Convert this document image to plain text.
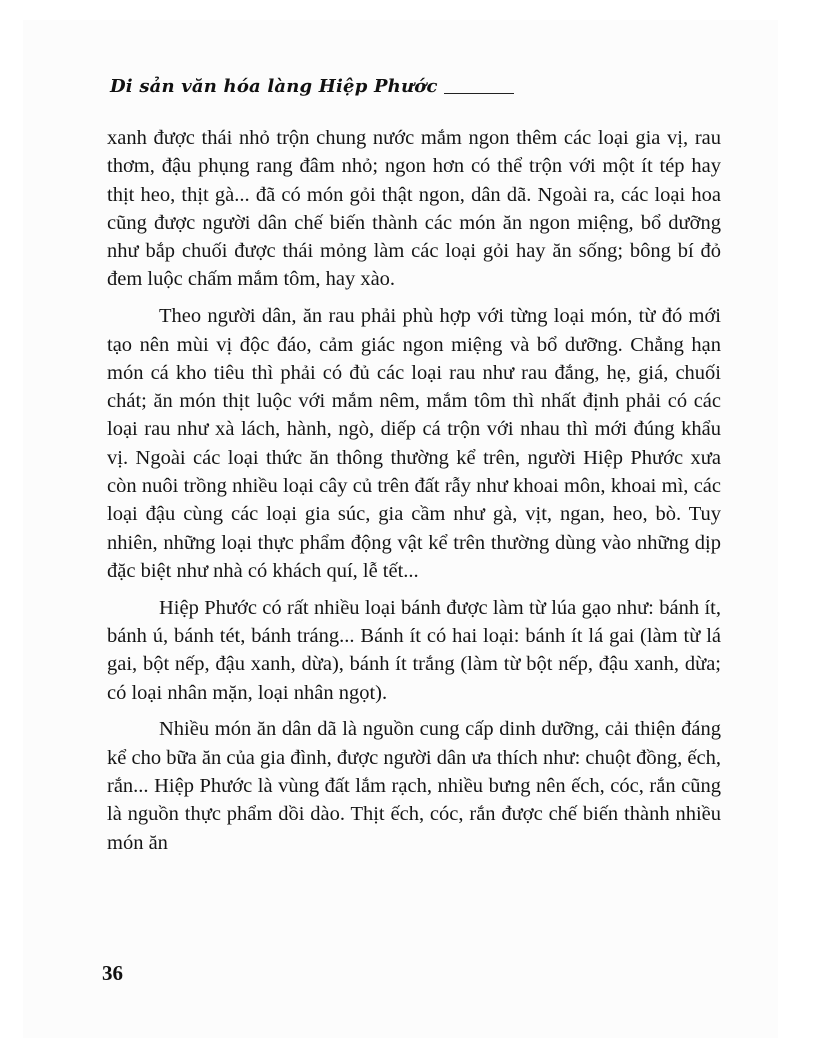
Di sản văn hóa làng Hiệp Phước

xanh được thái nhỏ trộn chung nước mắm ngon thêm các loại gia vị, rau thơm, đậu phụng rang đâm nhỏ; ngon hơn có thể trộn với một ít tép hay thịt heo, thịt gà... đã có món gỏi thật ngon, dân dã. Ngoài ra, các loại hoa cũng được người dân chế biến thành các món ăn ngon miệng, bổ dưỡng như bắp chuối được thái mỏng làm các loại gỏi hay ăn sống; bông bí đỏ đem luộc chấm mắm tôm, hay xào.

Theo người dân, ăn rau phải phù hợp với từng loại món, từ đó mới tạo nên mùi vị độc đáo, cảm giác ngon miệng và bổ dưỡng. Chẳng hạn món cá kho tiêu thì phải có đủ các loại rau như rau đắng, hẹ, giá, chuối chát; ăn món thịt luộc với mắm nêm, mắm tôm thì nhất định phải có các loại rau như xà lách, hành, ngò, diếp cá trộn với nhau thì mới đúng khẩu vị. Ngoài các loại thức ăn thông thường kể trên, người Hiệp Phước xưa còn nuôi trồng nhiều loại cây củ trên đất rẫy như khoai môn, khoai mì, các loại đậu cùng các loại gia súc, gia cầm như gà, vịt, ngan, heo, bò. Tuy nhiên, những loại thực phẩm động vật kể trên thường dùng vào những dịp đặc biệt như nhà có khách quí, lễ tết...

Hiệp Phước có rất nhiều loại bánh được làm từ lúa gạo như: bánh ít, bánh ú, bánh tét, bánh tráng... Bánh ít có hai loại: bánh ít lá gai (làm từ lá gai, bột nếp, đậu xanh, dừa), bánh ít trắng (làm từ bột nếp, đậu xanh, dừa; có loại nhân mặn, loại nhân ngọt).

Nhiều món ăn dân dã là nguồn cung cấp dinh dưỡng, cải thiện đáng kể cho bữa ăn của gia đình, được người dân ưa thích như: chuột đồng, ếch, rắn... Hiệp Phước là vùng đất lắm rạch, nhiều bưng nên ếch, cóc, rắn cũng là nguồn thực phẩm dồi dào. Thịt ếch, cóc, rắn được chế biến thành nhiều món ăn

36
